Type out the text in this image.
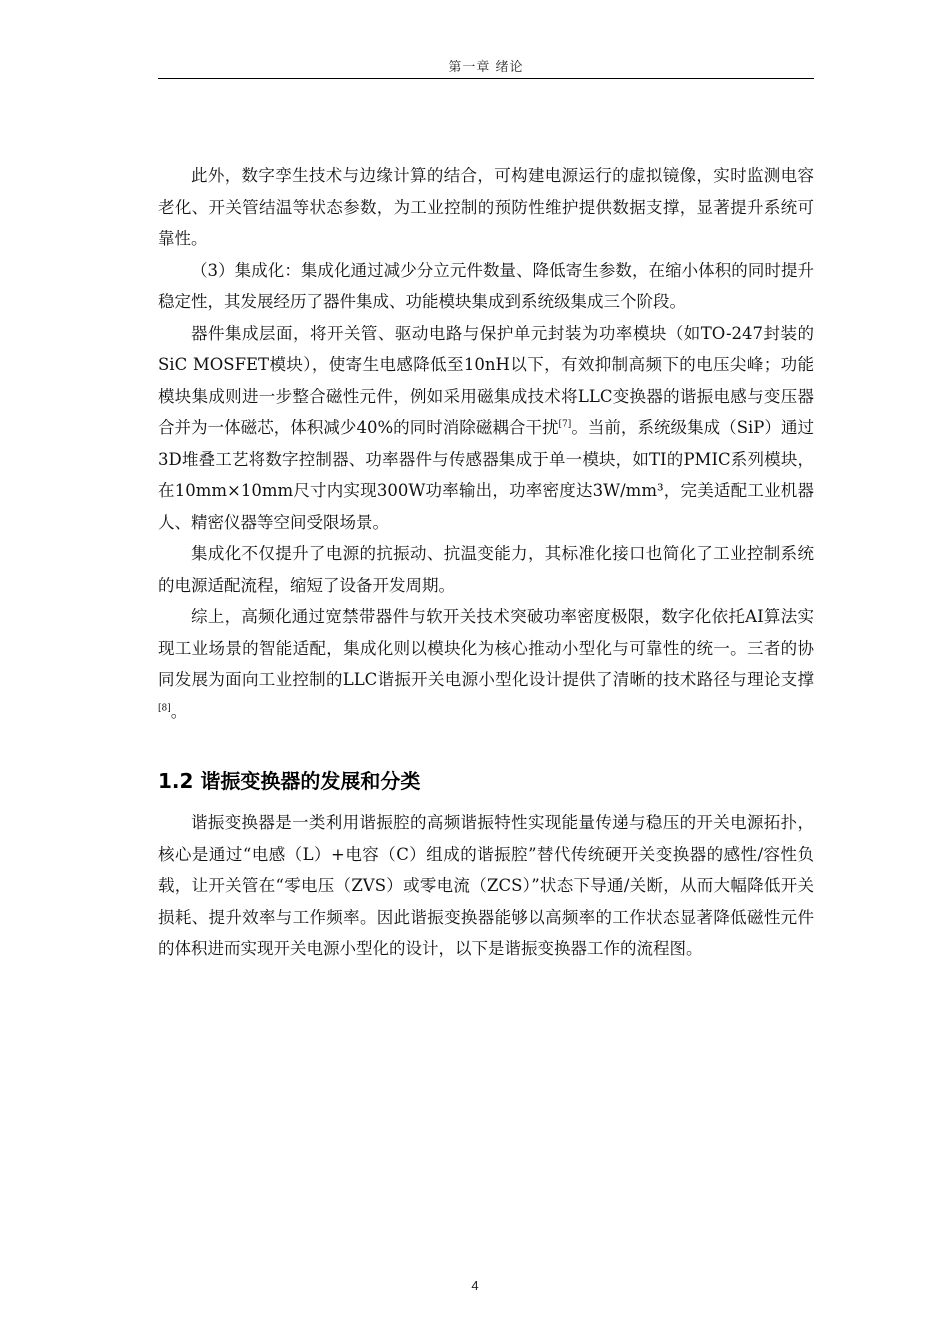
第一章 绪论

此外，数字孪生技术与边缘计算的结合，可构建电源运行的虚拟镜像，实时监测电容老化、开关管结温等状态参数，为工业控制的预防性维护提供数据支撑，显著提升系统可靠性。

（3）集成化：集成化通过减少分立元件数量、降低寄生参数，在缩小体积的同时提升稳定性，其发展经历了器件集成、功能模块集成到系统级集成三个阶段。

器件集成层面，将开关管、驱动电路与保护单元封装为功率模块（如TO-247封装的SiC MOSFET模块），使寄生电感降低至10nH以下，有效抑制高频下的电压尖峰；功能模块集成则进一步整合磁性元件，例如采用磁集成技术将LLC变换器的谐振电感与变压器合并为一体磁芯，体积减少40%的同时消除磁耦合干扰[7]。当前，系统级集成（SiP）通过3D堆叠工艺将数字控制器、功率器件与传感器集成于单一模块，如TI的PMIC系列模块，在10mm×10mm尺寸内实现300W功率输出，功率密度达3W/mm³，完美适配工业机器人、精密仪器等空间受限场景。

集成化不仅提升了电源的抗振动、抗温变能力，其标准化接口也简化了工业控制系统的电源适配流程，缩短了设备开发周期。

综上，高频化通过宽禁带器件与软开关技术突破功率密度极限，数字化依托AI算法实现工业场景的智能适配，集成化则以模块化为核心推动小型化与可靠性的统一。三者的协同发展为面向工业控制的LLC谐振开关电源小型化设计提供了清晰的技术路径与理论支撑[8]。

1.2 谐振变换器的发展和分类

谐振变换器是一类利用谐振腔的高频谐振特性实现能量传递与稳压的开关电源拓扑，核心是通过“电感（L）+电容（C）组成的谐振腔”替代传统硬开关变换器的感性/容性负载，让开关管在“零电压（ZVS）或零电流（ZCS）”状态下导通/关断，从而大幅降低开关损耗、提升效率与工作频率。因此谐振变换器能够以高频率的工作状态显著降低磁性元件的体积进而实现开关电源小型化的设计，以下是谐振变换器工作的流程图。

4
